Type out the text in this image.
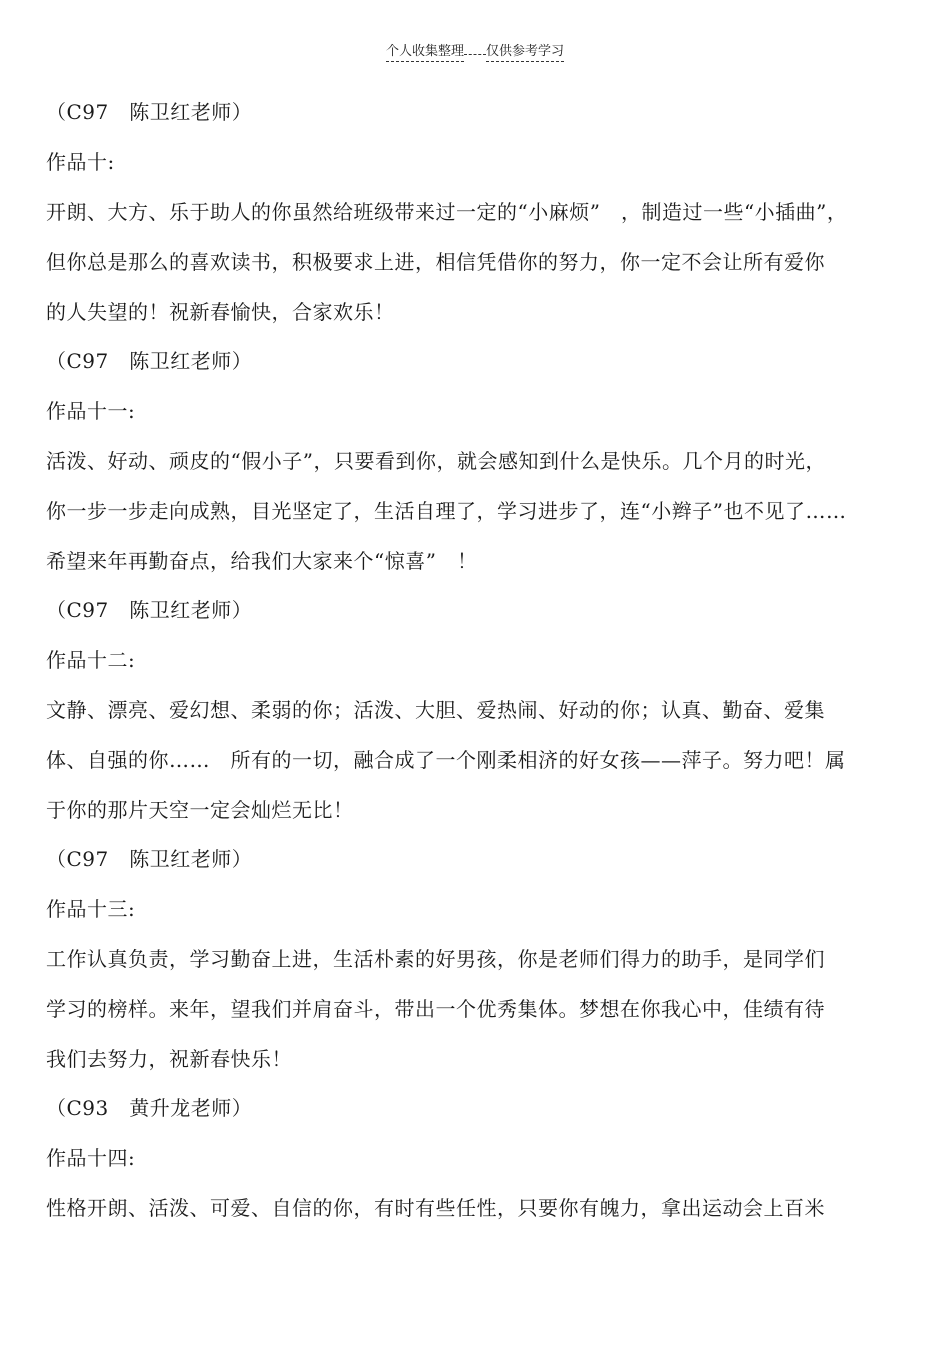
个人收集整理 仅供参考学习
（C97　陈卫红老师）
作品十:
开朗、大方、乐于助人的你虽然给班级带来过一定的“小麻烦”　，制造过一些“小插曲”，
但你总是那么的喜欢读书，积极要求上进，相信凭借你的努力，你一定不会让所有爱你
的人失望的！祝新春愉快，合家欢乐！
（C97　陈卫红老师）
作品十一:
活泼、好动、顽皮的“假小子”，只要看到你，就会感知到什么是快乐。几个月的时光，
你一步一步走向成熟，目光坚定了，生活自理了，学习进步了，连“小辫子”也不见了……
希望来年再勤奋点，给我们大家来个“惊喜”　！
（C97　陈卫红老师）
作品十二:
文静、漂亮、爱幻想、柔弱的你；活泼、大胆、爱热闹、好动的你；认真、勤奋、爱集
体、自强的你……　所有的一切，融合成了一个刚柔相济的好女孩——萍子。努力吧！属
于你的那片天空一定会灿烂无比！
（C97　陈卫红老师）
作品十三:
工作认真负责，学习勤奋上进，生活朴素的好男孩，你是老师们得力的助手，是同学们
学习的榜样。来年，望我们并肩奋斗，带出一个优秀集体。梦想在你我心中，佳绩有待
我们去努力，祝新春快乐！
（C93　黄升龙老师）
作品十四:
性格开朗、活泼、可爱、自信的你，有时有些任性，只要你有魄力，拿出运动会上百米
